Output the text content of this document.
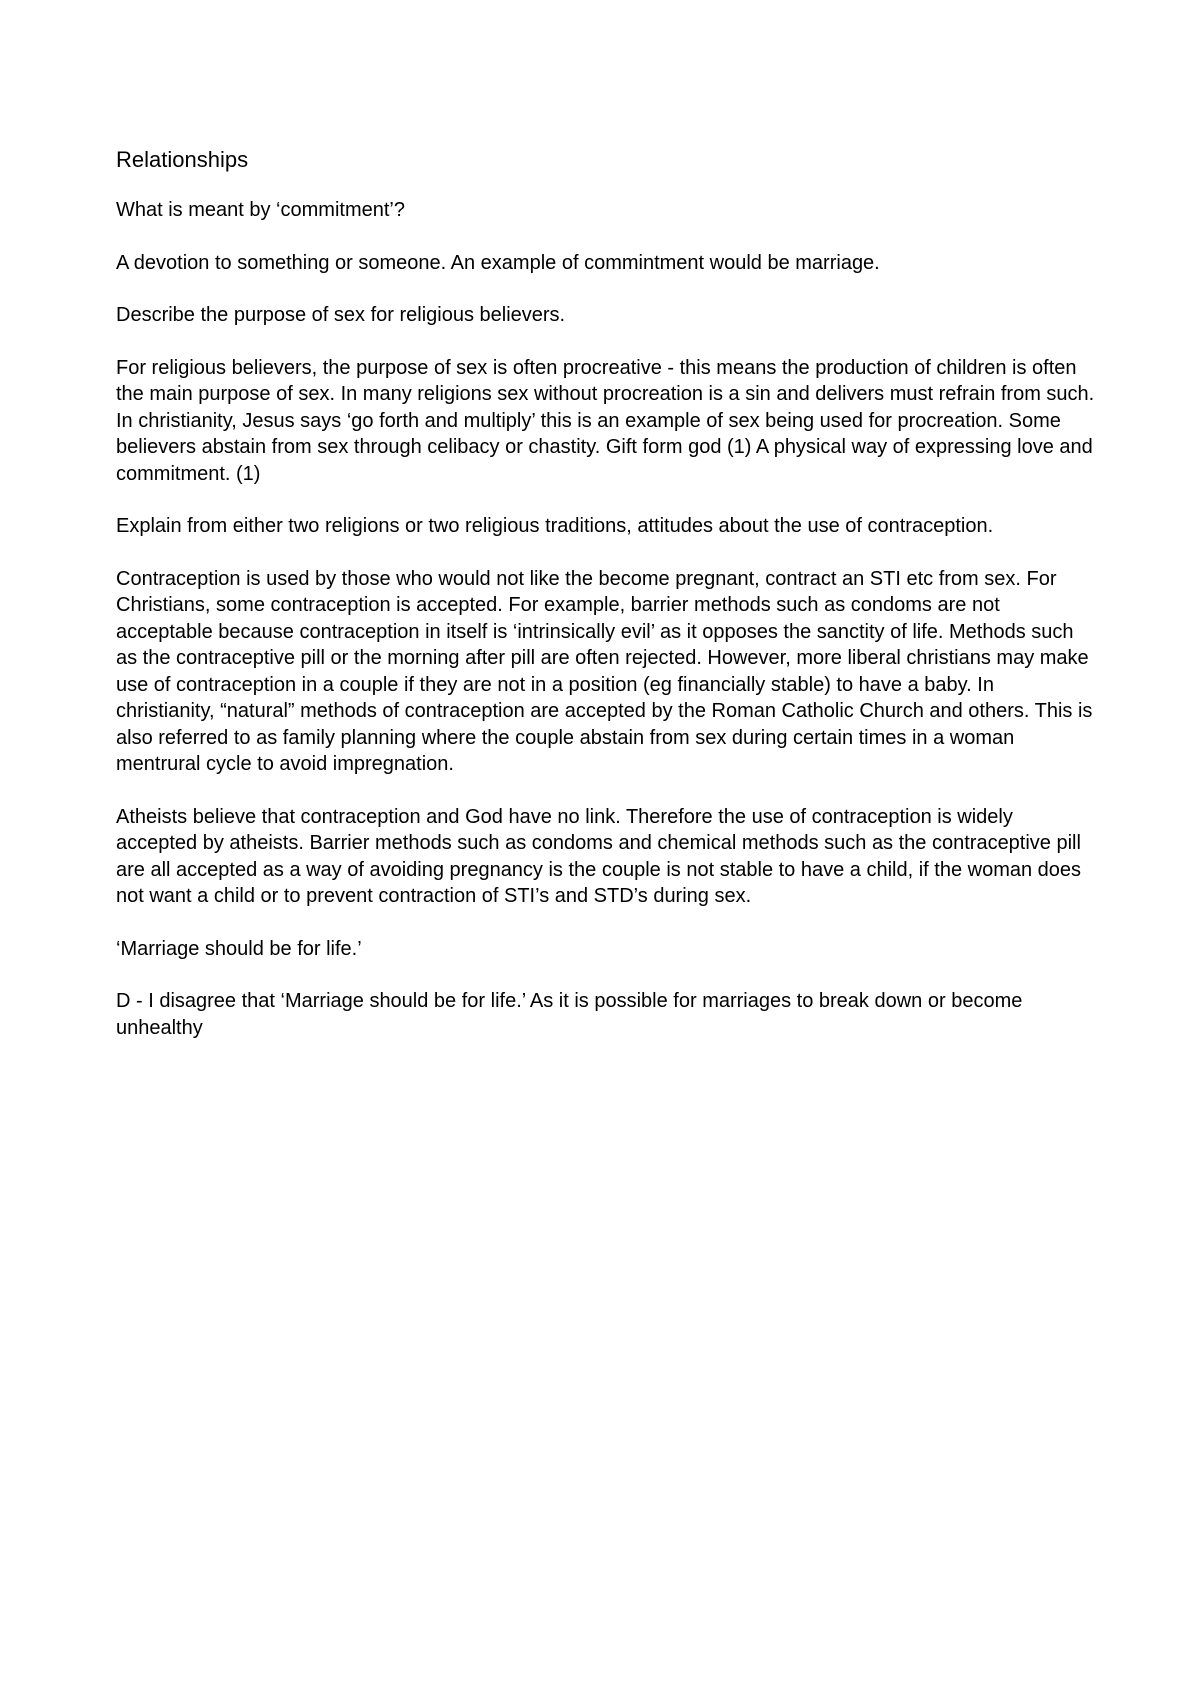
Relationships

What is meant by ‘commitment’?

A devotion to something or someone. An example of commintment would be marriage.

Describe the purpose of sex for religious believers.

For religious believers, the purpose of sex is often procreative - this means the production of children is often the main purpose of sex. In many religions sex without procreation is a sin and delivers must refrain from such. In christianity, Jesus says ‘go forth and multiply’ this is an example of sex being used for procreation. Some believers abstain from sex through celibacy or chastity. Gift form god (1) A physical way of expressing love and commitment. (1)

Explain from either two religions or two religious traditions, attitudes about the use of contraception.

Contraception is used by those who would not like the become pregnant, contract an STI etc from sex. For Christians, some contraception is accepted. For example, barrier methods such as condoms are not acceptable because contraception in itself is ‘intrinsically evil’ as it opposes the sanctity of life. Methods such as the contraceptive pill or the morning after pill are often rejected. However, more liberal christians may make use of contraception in a couple if they are not in a position (eg financially stable) to have a baby. In christianity, “natural” methods of contraception are accepted by the Roman Catholic Church and others. This is also referred to as family planning where the couple abstain from sex during certain times in a woman mentrural cycle to avoid impregnation.

Atheists believe that contraception and God have no link. Therefore the use of contraception is widely accepted by atheists. Barrier methods such as condoms and chemical methods such as the contraceptive pill are all accepted as a way of avoiding pregnancy is the couple is not stable to have a child, if the woman does not want a child or to prevent contraction of STI’s and STD’s during sex.

‘Marriage should be for life.’

D - I disagree that ‘Marriage should be for life.’ As it is possible for marriages to break down or become unhealthy
